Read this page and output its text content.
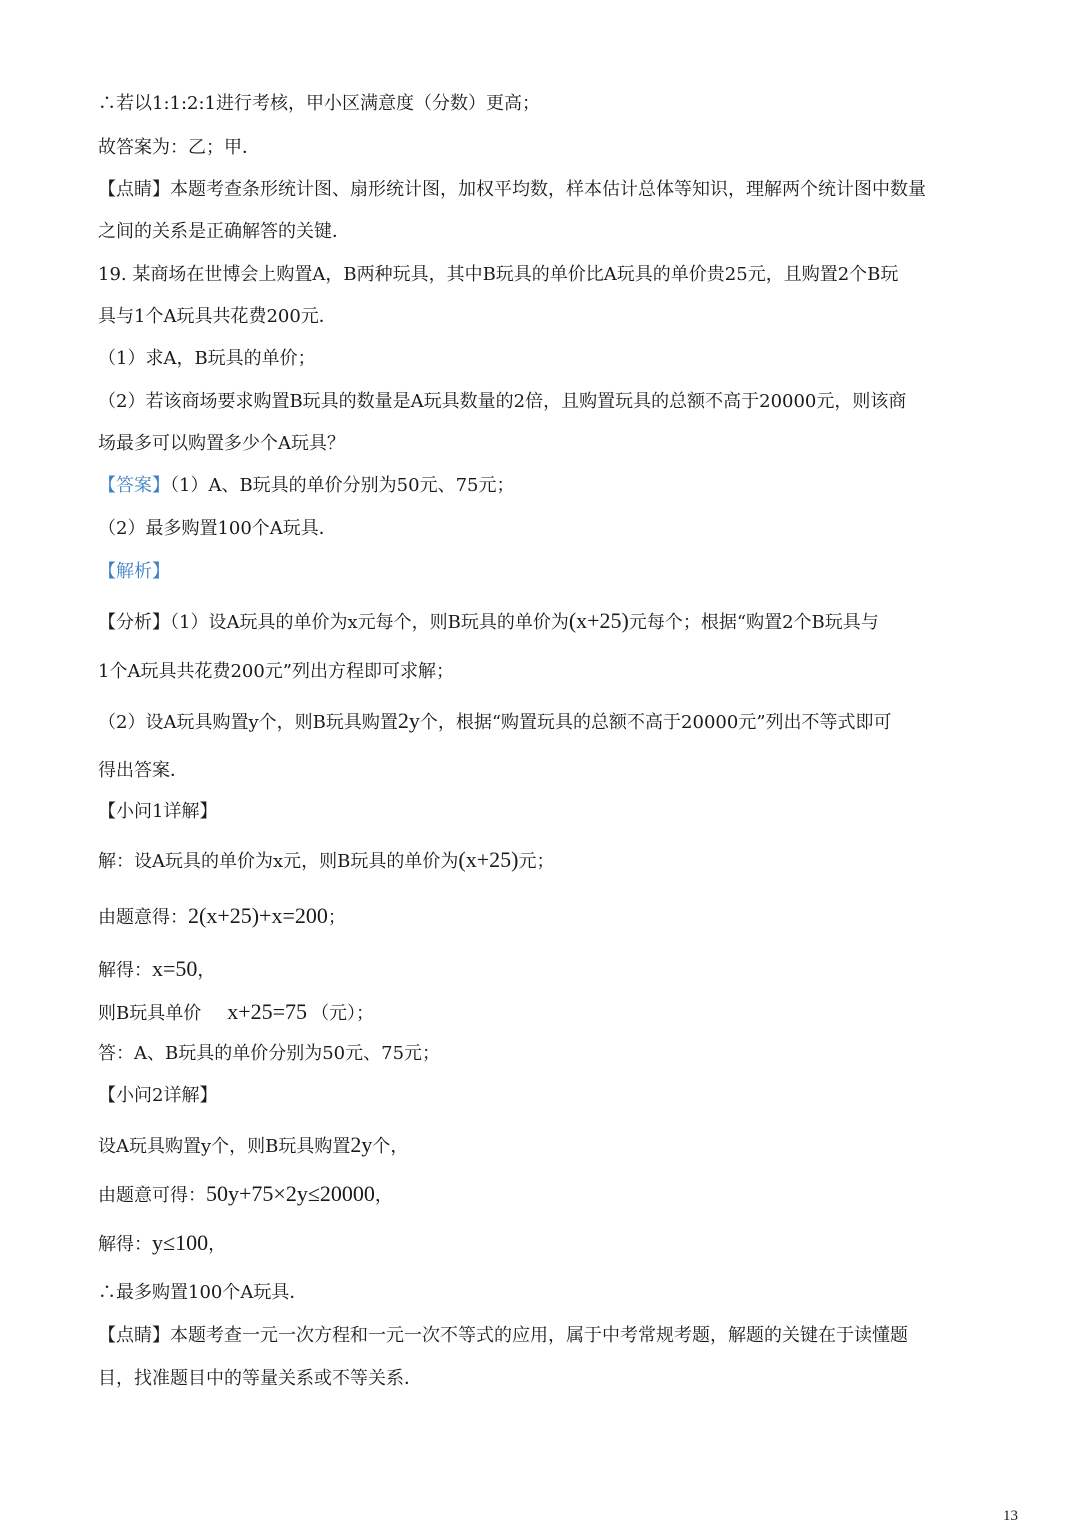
∴若以1:1:2:1进行考核，甲小区满意度（分数）更高；
故答案为：乙；甲．
【点睛】本题考查条形统计图、扇形统计图，加权平均数，样本估计总体等知识，理解两个统计图中数量
之间的关系是正确解答的关键．
19. 某商场在世博会上购置A，B两种玩具，其中B玩具的单价比A玩具的单价贵25元，且购置2个B玩
具与1个A玩具共花费200元．
（1）求A，B玩具的单价；
（2）若该商场要求购置B玩具的数量是A玩具数量的2倍，且购置玩具的总额不高于20000元，则该商
场最多可以购置多少个A玩具？
【答案】（1）A、B玩具的单价分别为50元、75元；
（2）最多购置100个A玩具．
【解析】
【分析】（1）设A玩具的单价为x元每个，则B玩具的单价为(x+25)元每个；根据“购置2个B玩具与
1个A玩具共花费200元”列出方程即可求解；
（2）设A玩具购置y个，则B玩具购置2y个，根据“购置玩具的总额不高于20000元”列出不等式即可
得出答案．
【小问1详解】
解：设A玩具的单价为x元，则B玩具的单价为(x+25)元；
由题意得：2(x+25)+x=200；
解得：x=50，
则B玩具单价 x+25=75 （元）；
答：A、B玩具的单价分别为50元、75元；
【小问2详解】
设A玩具购置y个，则B玩具购置2y个，
由题意可得：50y+75×2y≤20000，
解得：y≤100，
∴最多购置100个A玩具．
【点睛】本题考查一元一次方程和一元一次不等式的应用，属于中考常规考题，解题的关键在于读懂题
目，找准题目中的等量关系或不等关系．
13
